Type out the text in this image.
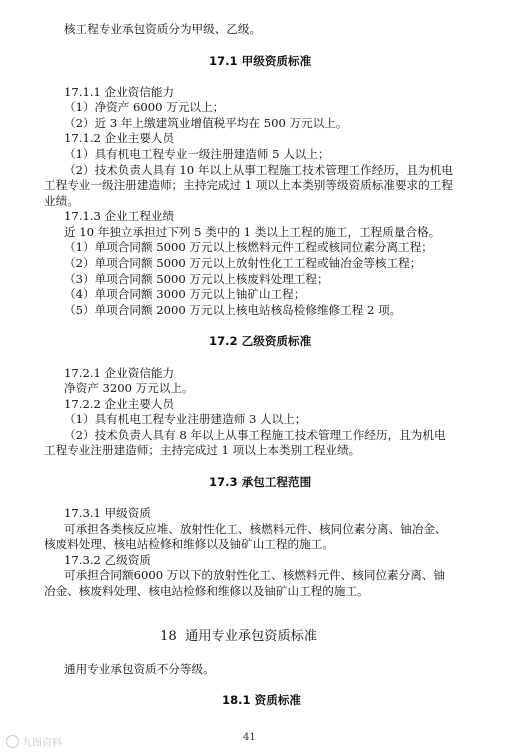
核工程专业承包资质分为甲级、乙级。
17.1 甲级资质标准
17.1.1 企业资信能力
（1）净资产 6000 万元以上；
（2）近 3 年上缴建筑业增值税平均在 500 万元以上。
17.1.2 企业主要人员
（1）具有机电工程专业一级注册建造师 5 人以上；
（2）技术负责人具有 10 年以上从事工程施工技术管理工作经历，且为机电
工程专业一级注册建造师；主持完成过 1 项以上本类别等级资质标准要求的工程
业绩。
17.1.3 企业工程业绩
近 10 年独立承担过下列 5 类中的 1 类以上工程的施工，工程质量合格。
（1）单项合同额 5000 万元以上核燃料元件工程或核同位素分离工程；
（2）单项合同额 5000 万元以上放射性化工工程或铀冶金等核工程；
（3）单项合同额 5000 万元以上核废料处理工程；
（4）单项合同额 3000 万元以上铀矿山工程；
（5）单项合同额 2000 万元以上核电站核岛检修维修工程 2 项。
17.2 乙级资质标准
17.2.1 企业资信能力
净资产 3200 万元以上。
17.2.2 企业主要人员
（1）具有机电工程专业注册建造师 3 人以上；
（2）技术负责人具有 8 年以上从事工程施工技术管理工作经历，且为机电
工程专业注册建造师；主持完成过 1 项以上本类别工程业绩。
17.3 承包工程范围
17.3.1 甲级资质
可承担各类核反应堆、放射性化工、核燃料元件、核同位素分离、铀冶金、
核废料处理、核电站检修和维修以及铀矿山工程的施工。
17.3.2 乙级资质
可承担合同额6000 万以下的放射性化工、核燃料元件、核同位素分离、铀
冶金、核废料处理、核电站检修和维修以及铀矿山工程的施工。
18  通用专业承包资质标准
通用专业承包资质不分等级。
18.1 资质标准
41
九图资料
